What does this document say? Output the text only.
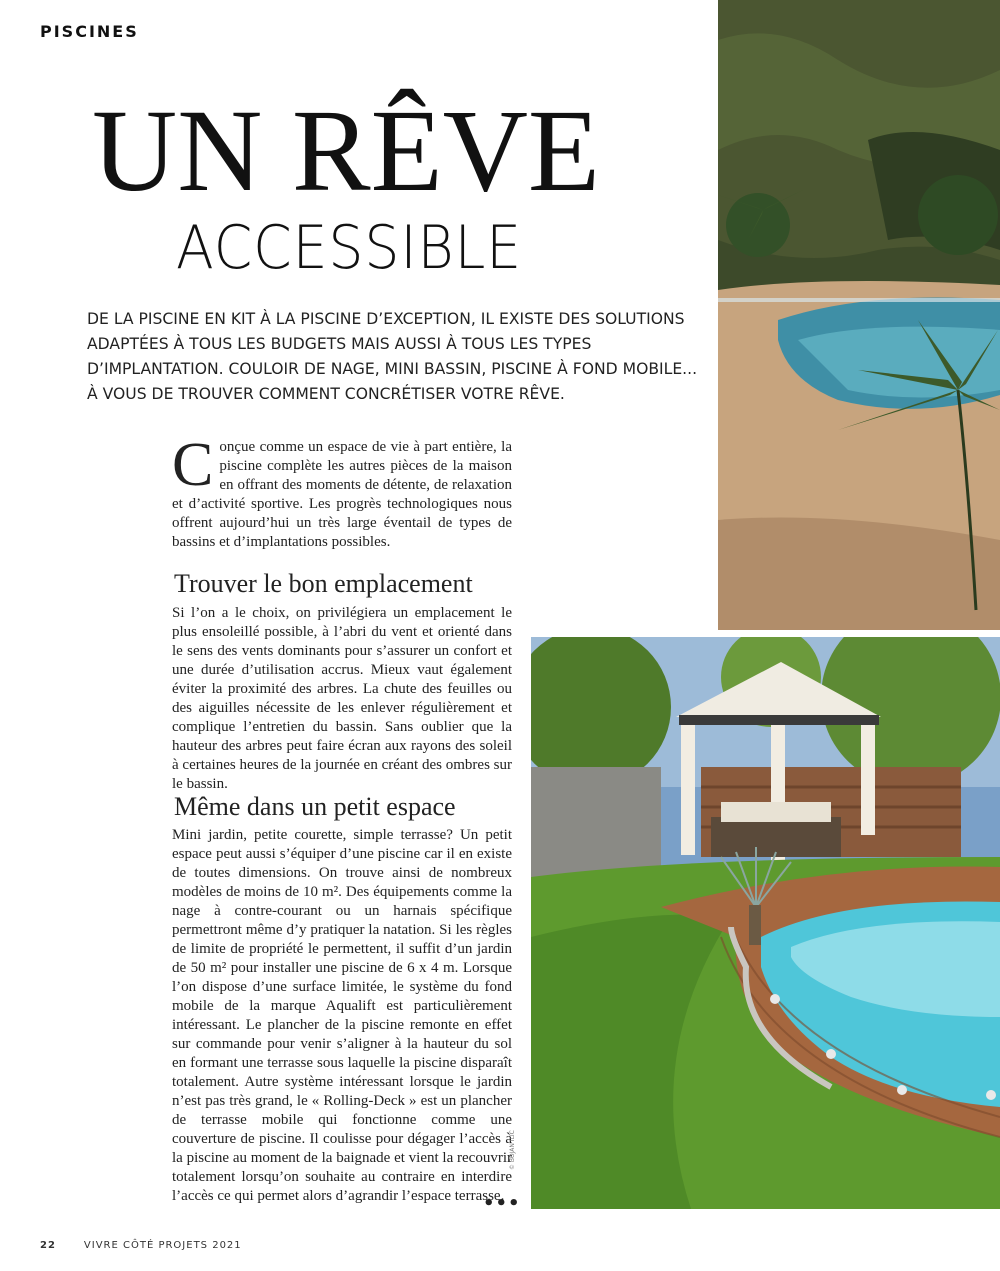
PISCINES
UN RÊVE
ACCESSIBLE
DE LA PISCINE EN KIT À LA PISCINE D’EXCEPTION, IL EXISTE DES SOLUTIONS ADAPTÉES À TOUS LES BUDGETS MAIS AUSSI À TOUS LES TYPES D’IMPLANTATION. COULOIR DE NAGE, MINI BASSIN, PISCINE À FOND MOBILE... À VOUS DE TROUVER COMMENT CONCRÉTISER VOTRE RÊVE.
Conçue comme un espace de vie à part entière, la piscine complète les autres pièces de la maison en offrant des moments de détente, de relaxation et d’activité sportive. Les progrès technologiques nous offrent aujourd’hui un très large éventail de types de bassins et d’implantations possibles.
Trouver le bon emplacement
Si l’on a le choix, on privilégiera un emplacement le plus ensoleillé possible, à l’abri du vent et orienté dans le sens des vents dominants pour s’assurer un confort et une durée d’utilisation accrus. Mieux vaut également éviter la proximité des arbres. La chute des feuilles ou des aiguilles nécessite de les enlever régulièrement et complique l’entretien du bassin. Sans oublier que la hauteur des arbres peut faire écran aux rayons des soleil à certaines heures de la journée en créant des ombres sur le bassin.
Même dans un petit espace
Mini jardin, petite courette, simple terrasse? Un petit espace peut aussi s’équiper d’une piscine car il en existe de toutes dimensions. On trouve ainsi de nombreux modèles de moins de 10 m². Des équipements comme la nage à contre-courant ou un harnais spécifique permettront même d’y pratiquer la natation. Si les règles de limite de propriété le permettent, il suffit d’un jardin de 50 m² pour installer une piscine de 6 x 4 m. Lorsque l’on dispose d’une surface limitée, le système du fond mobile de la marque Aqualift est particulièrement intéressant. Le plancher de la piscine remonte en effet sur commande pour venir s’aligner à la hauteur du sol en formant une terrasse sous laquelle la piscine disparaît totalement. Autre système intéressant lorsque le jardin n’est pas très grand, le « Rolling-Deck » est un plancher de terrasse mobile qui fonctionne comme une couverture de piscine. Il coulisse pour dégager l’accès à la piscine au moment de la baignade et vient la recouvrir totalement lorsqu’on souhaite au contraire en interdire l’accès ce qui permet alors d’agrandir l’espace terrasse.
•••
© BOJAN ILIC
22	VIVRE CÔTÉ PROJETS 2021
